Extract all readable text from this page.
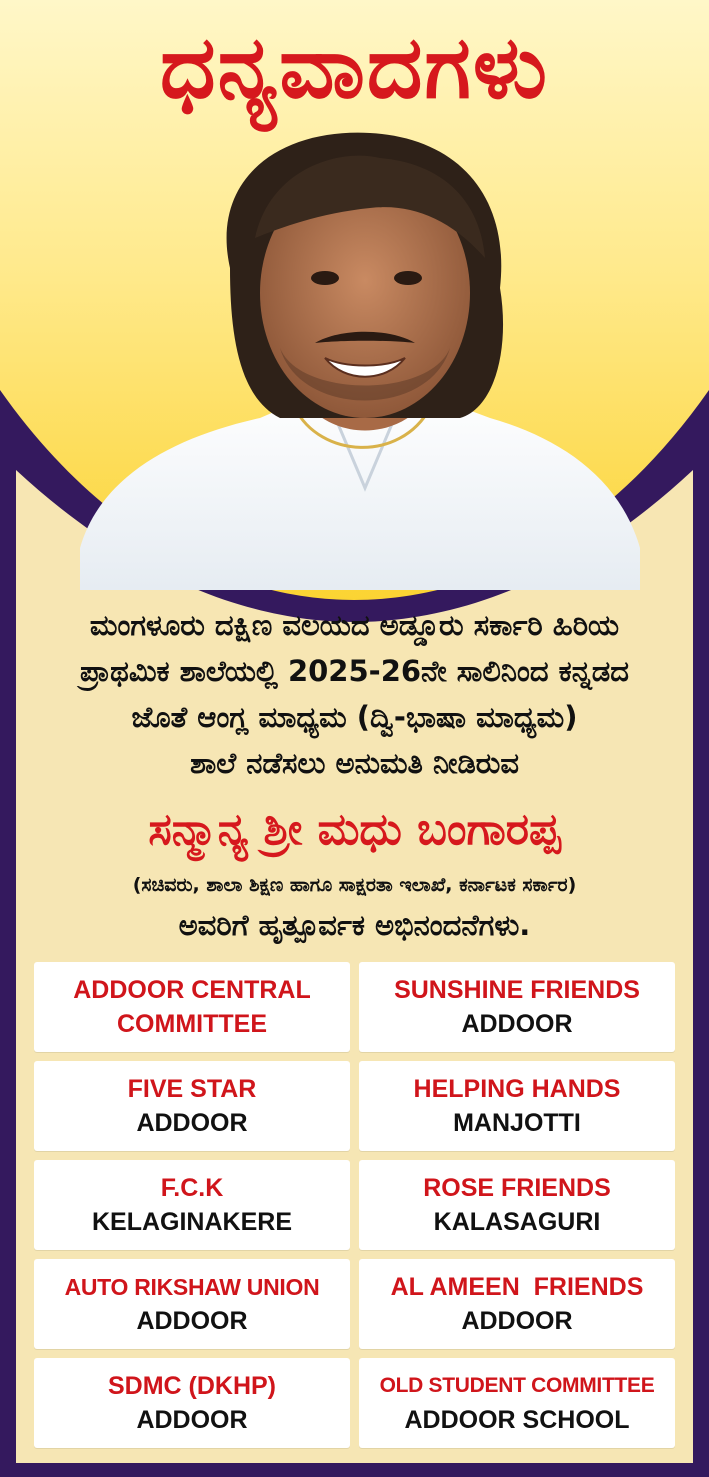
ಧನ್ಯವಾದಗಳು
ಮಂಗಳೂರು ದಕ್ಷಿಣ ವಲಯದ ಅಡ್ಡೂರು ಸರ್ಕಾರಿ ಹಿರಿಯ
ಪ್ರಾಥಮಿಕ ಶಾಲೆಯಲ್ಲಿ 2025-26ನೇ ಸಾಲಿನಿಂದ ಕನ್ನಡದ
ಜೊತೆ ಆಂಗ್ಲ ಮಾಧ್ಯಮ (ದ್ವಿ-ಭಾಷಾ ಮಾಧ್ಯಮ)
ಶಾಲೆ ನಡೆಸಲು ಅನುಮತಿ ನೀಡಿರುವ
ಸನ್ಮಾನ್ಯ ಶ್ರೀ ಮಧು ಬಂಗಾರಪ್ಪ
(ಸಚಿವರು, ಶಾಲಾ ಶಿಕ್ಷಣ ಹಾಗೂ ಸಾಕ್ಷರತಾ ಇಲಾಖೆ, ಕರ್ನಾಟಕ ಸರ್ಕಾರ)
ಅವರಿಗೆ ಹೃತ್ಪೂರ್ವಕ ಅಭಿನಂದನೆಗಳು.
ADDOOR CENTRAL
COMMITTEE
SUNSHINE FRIENDS
ADDOOR
FIVE STAR
ADDOOR
HELPING HANDS
MANJOTTI
F.C.K
KELAGINAKERE
ROSE FRIENDS
KALASAGURI
AUTO RIKSHAW UNION
ADDOOR
AL AMEEN  FRIENDS
ADDOOR
SDMC (DKHP)
ADDOOR
OLD STUDENT COMMITTEE
ADDOOR SCHOOL
